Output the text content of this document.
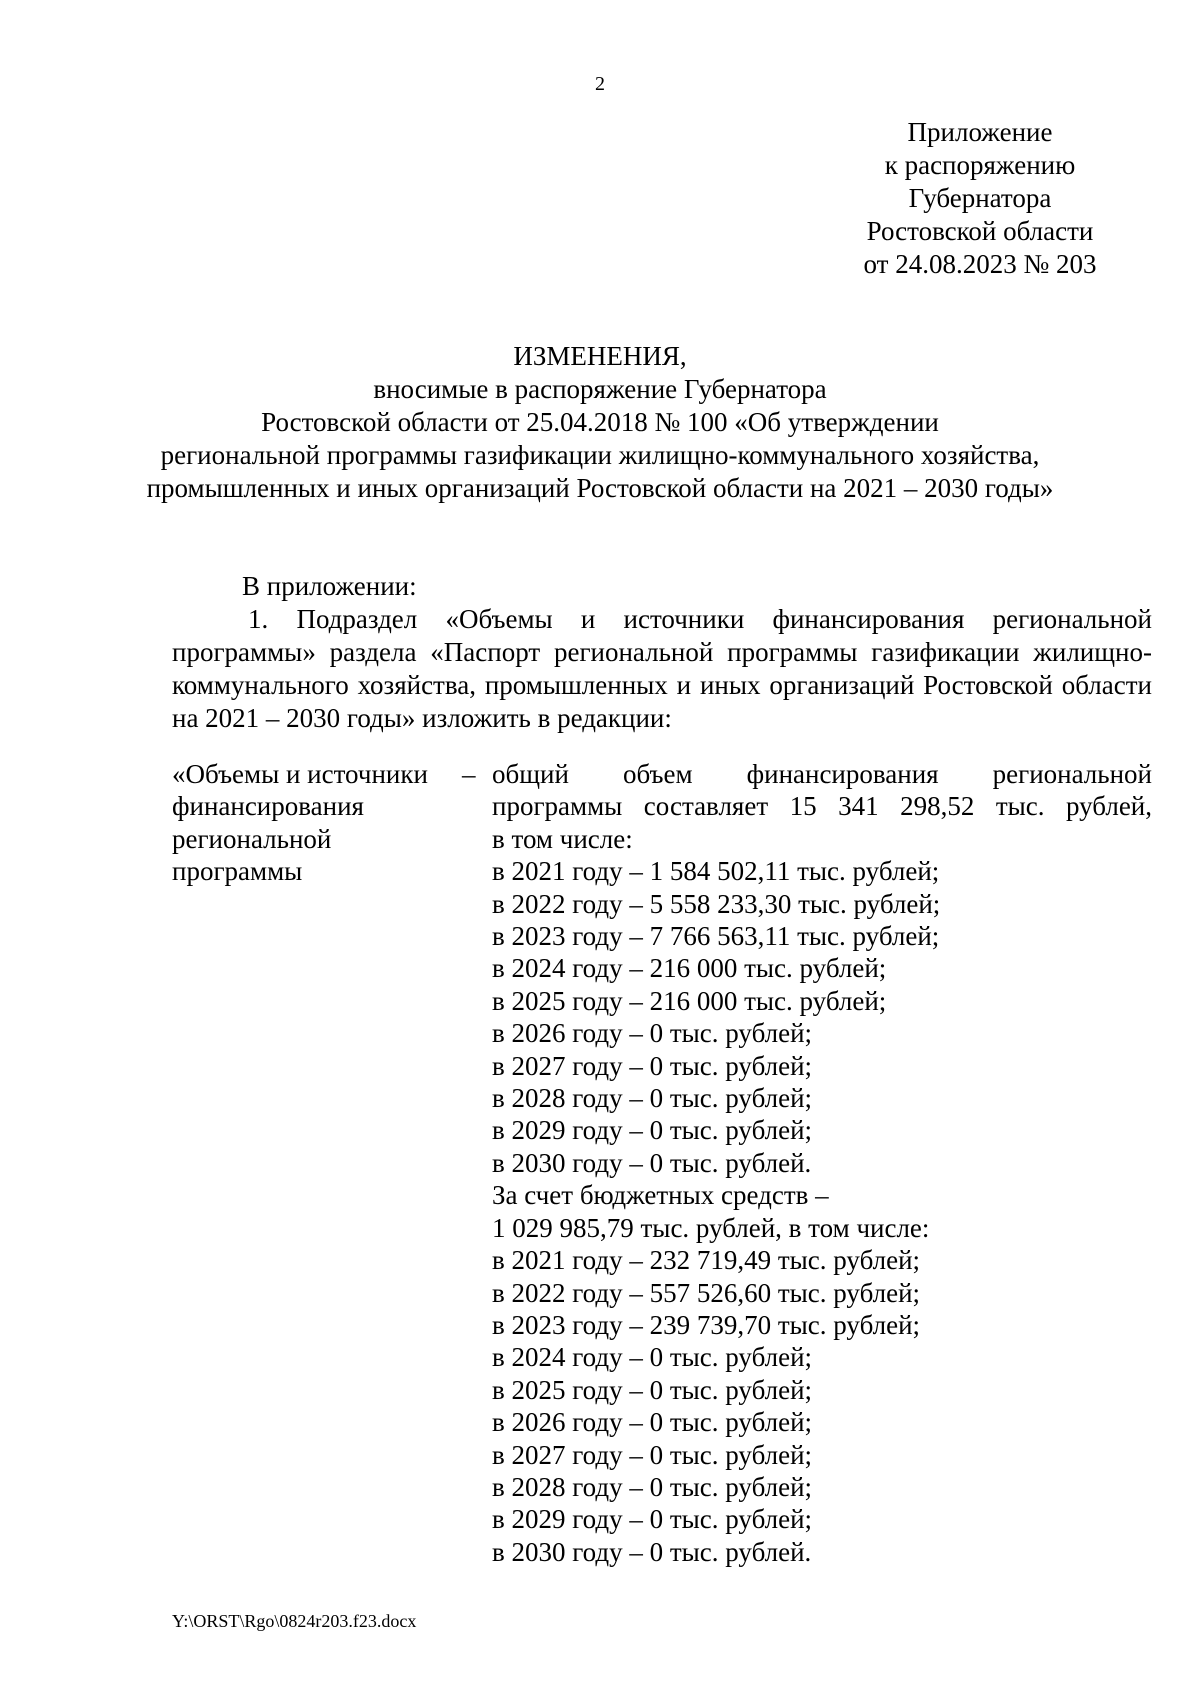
2
Приложение
к распоряжению
Губернатора
Ростовской области
от 24.08.2023 № 203
ИЗМЕНЕНИЯ,
вносимые в распоряжение Губернатора
Ростовской области от 25.04.2018 № 100 «Об утверждении
региональной программы газификации жилищно-коммунального хозяйства,
промышленных и иных организаций Ростовской области на 2021 – 2030 годы»

В приложении:

1. Подраздел «Объемы и источники финансирования региональной программы» раздела «Паспорт региональной программы газификации жилищно-коммунального хозяйства, промышленных и иных организаций Ростовской области на 2021 – 2030 годы» изложить в редакции:

«Объемы и источники
финансирования
региональной
программы
– общий объем финансирования региональной
программы составляет 15 341 298,52 тыс. рублей,
в том числе:
в 2021 году – 1 584 502,11 тыс. рублей;
в 2022 году – 5 558 233,30 тыс. рублей;
в 2023 году – 7 766 563,11 тыс. рублей;
в 2024 году – 216 000 тыс. рублей;
в 2025 году – 216 000 тыс. рублей;
в 2026 году – 0 тыс. рублей;
в 2027 году – 0 тыс. рублей;
в 2028 году – 0 тыс. рублей;
в 2029 году – 0 тыс. рублей;
в 2030 году – 0 тыс. рублей.
За счет бюджетных средств –
1 029 985,79 тыс. рублей, в том числе:
в 2021 году – 232 719,49 тыс. рублей;
в 2022 году – 557 526,60 тыс. рублей;
в 2023 году – 239 739,70 тыс. рублей;
в 2024 году – 0 тыс. рублей;
в 2025 году – 0 тыс. рублей;
в 2026 году – 0 тыс. рублей;
в 2027 году – 0 тыс. рублей;
в 2028 году – 0 тыс. рублей;
в 2029 году – 0 тыс. рублей;
в 2030 году – 0 тыс. рублей.
Y:\ORST\Rgo\0824r203.f23.docx
